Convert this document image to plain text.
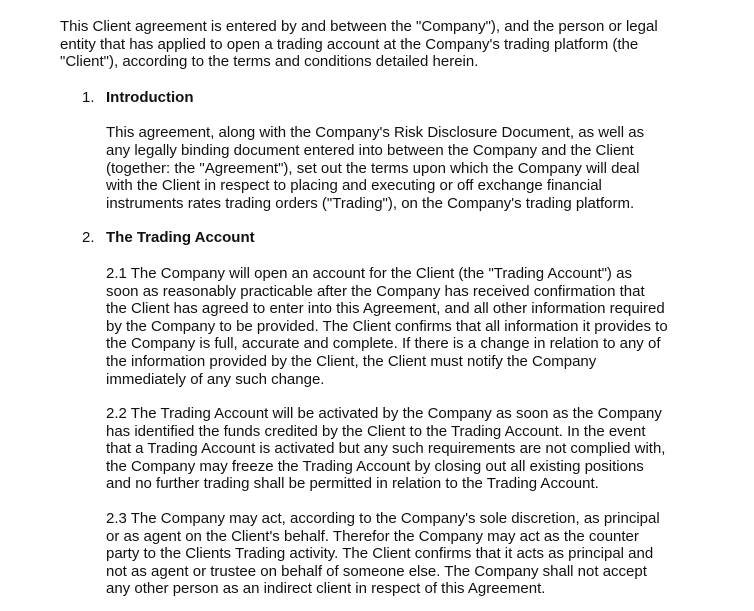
This Client agreement is entered by and between the "Company"), and the person or legal
entity that has applied to open a trading account at the Company's trading platform (the
"Client"), according to the terms and conditions detailed herein.

1. Introduction

This agreement, along with the Company's Risk Disclosure Document, as well as
any legally binding document entered into between the Company and the Client
(together: the "Agreement"), set out the terms upon which the Company will deal
with the Client in respect to placing and executing or off exchange financial
instruments rates trading orders ("Trading"), on the Company's trading platform.

2. The Trading Account

2.1 The Company will open an account for the Client (the "Trading Account") as
soon as reasonably practicable after the Company has received confirmation that
the Client has agreed to enter into this Agreement, and all other information required
by the Company to be provided. The Client confirms that all information it provides to
the Company is full, accurate and complete. If there is a change in relation to any of
the information provided by the Client, the Client must notify the Company
immediately of any such change.

2.2 The Trading Account will be activated by the Company as soon as the Company
has identified the funds credited by the Client to the Trading Account. In the event
that a Trading Account is activated but any such requirements are not complied with,
the Company may freeze the Trading Account by closing out all existing positions
and no further trading shall be permitted in relation to the Trading Account.

2.3 The Company may act, according to the Company's sole discretion, as principal
or as agent on the Client's behalf. Therefor the Company may act as the counter
party to the Clients Trading activity. The Client confirms that it acts as principal and
not as agent or trustee on behalf of someone else. The Company shall not accept
any other person as an indirect client in respect of this Agreement.
